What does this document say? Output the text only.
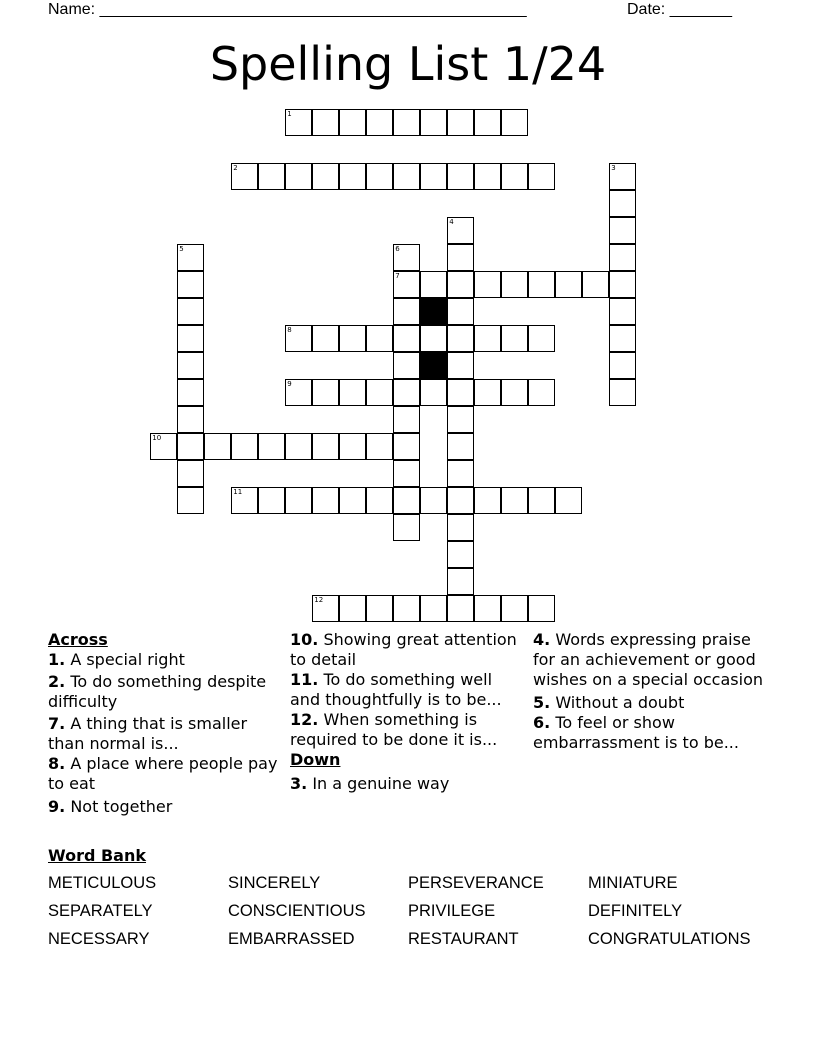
Name: ________________________________________________	Date: _______
Spelling List 1/24
1
2	3
4
5	6
7
8
9
10
11
12
Across
1. A special right
2. To do something despite difficulty
7. A thing that is smaller than normal is...
8. A place where people pay to eat
9. Not together
10. Showing great attention to detail
11. To do something well and thoughtfully is to be...
12. When something is required to be done it is...
Down
3. In a genuine way
4. Words expressing praise for an achievement or good wishes on a special occasion
5. Without a doubt
6. To feel or show embarrassment is to be...
Word Bank
METICULOUS	SINCERELY	PERSEVERANCE	MINIATURE
SEPARATELY	CONSCIENTIOUS	PRIVILEGE	DEFINITELY
NECESSARY	EMBARRASSED	RESTAURANT	CONGRATULATIONS
